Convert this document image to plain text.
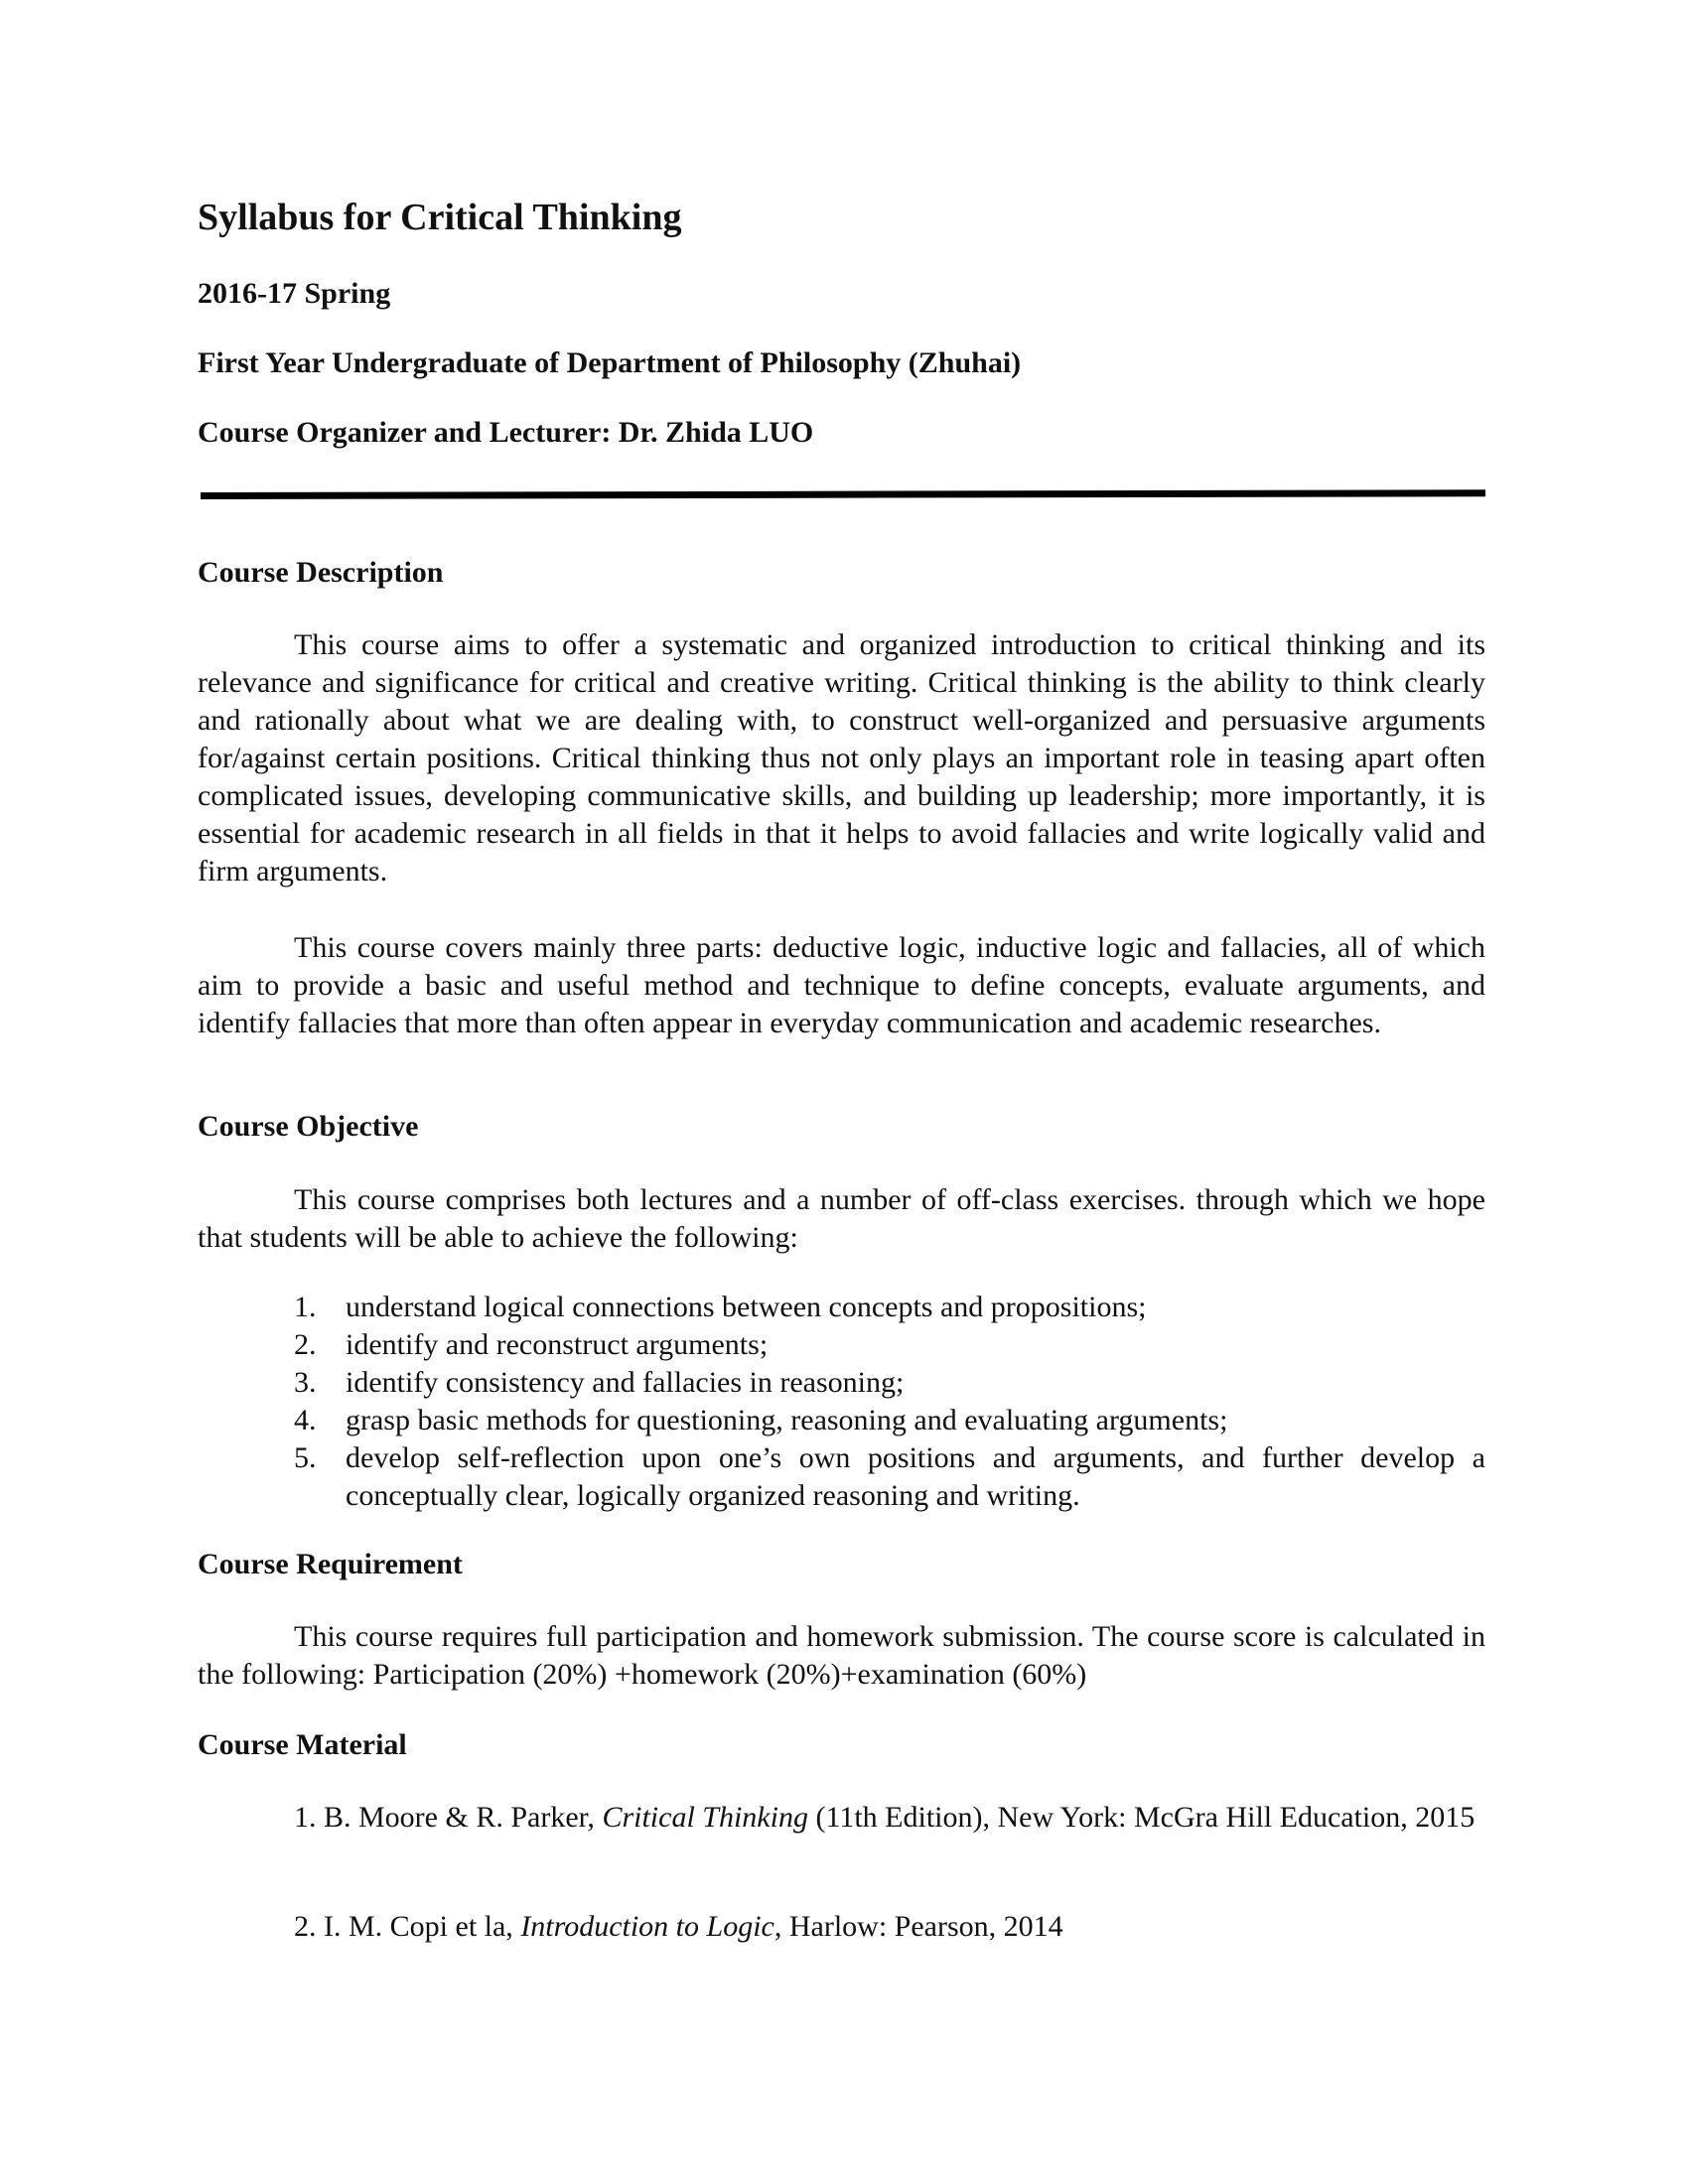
Syllabus for Critical Thinking
2016-17 Spring
First Year Undergraduate of Department of Philosophy (Zhuhai)
Course Organizer and Lecturer: Dr. Zhida LUO
Course Description

This course aims to offer a systematic and organized introduction to critical thinking and its relevance and significance for critical and creative writing. Critical thinking is the ability to think clearly and rationally about what we are dealing with, to construct well-organized and persuasive arguments for/against certain positions. Critical thinking thus not only plays an important role in teasing apart often complicated issues, developing communicative skills, and building up leadership; more importantly, it is essential for academic research in all fields in that it helps to avoid fallacies and write logically valid and firm arguments.

This course covers mainly three parts: deductive logic, inductive logic and fallacies, all of which aim to provide a basic and useful method and technique to define concepts, evaluate arguments, and identify fallacies that more than often appear in everyday communication and academic researches.

Course Objective

This course comprises both lectures and a number of off-class exercises. through which we hope that students will be able to achieve the following:

1. understand logical connections between concepts and propositions;
2. identify and reconstruct arguments;
3. identify consistency and fallacies in reasoning;
4. grasp basic methods for questioning, reasoning and evaluating arguments;
5. develop self-reflection upon one’s own positions and arguments, and further develop a conceptually clear, logically organized reasoning and writing.
Course Requirement

This course requires full participation and homework submission. The course score is calculated in the following: Participation (20%) +homework (20%)+examination (60%)

Course Material

1. B. Moore & R. Parker, Critical Thinking (11th Edition), New York: McGra Hill Education, 2015

2. I. M. Copi et la, Introduction to Logic, Harlow: Pearson, 2014
